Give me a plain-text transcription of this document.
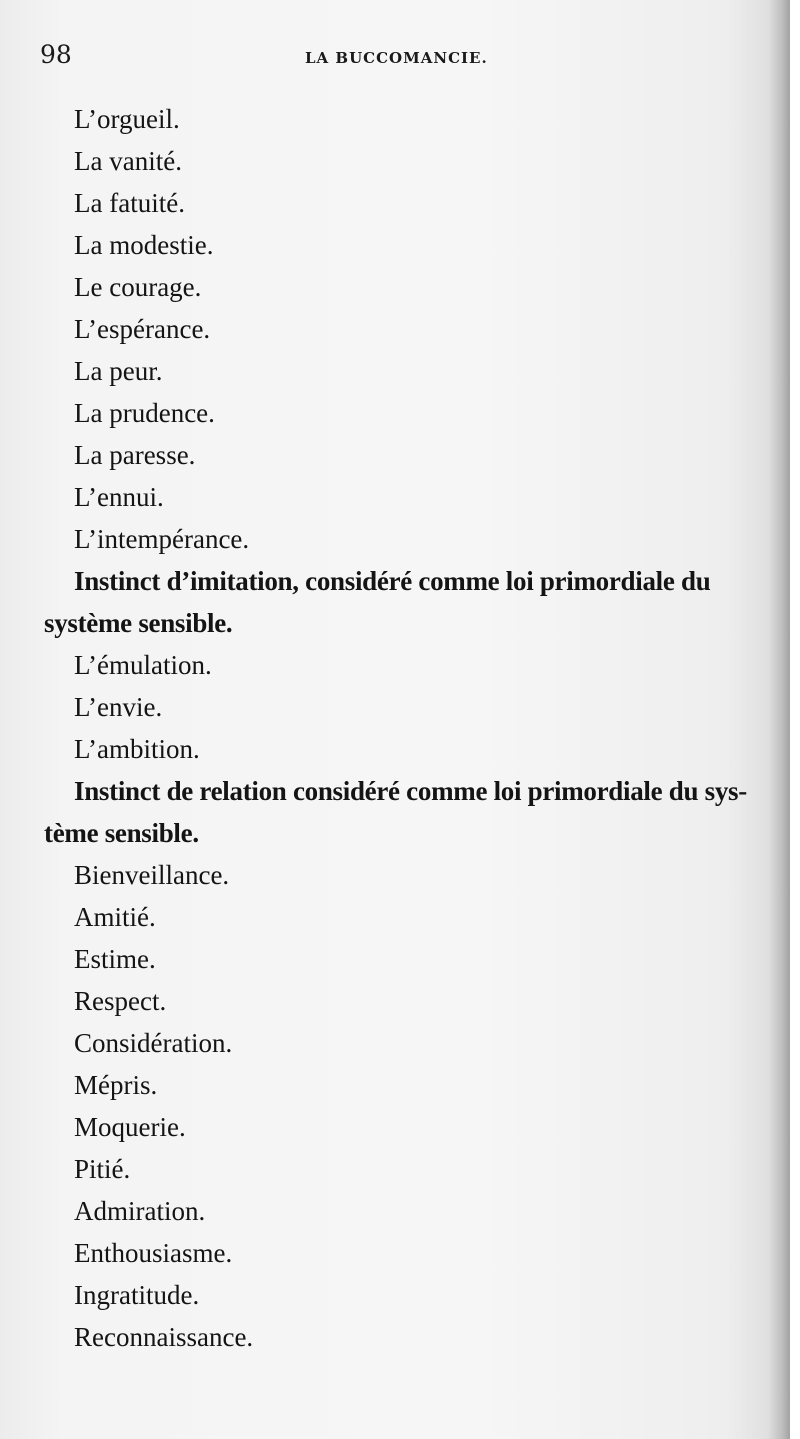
98	LA BUCCOMANCIE.
L’orgueil.
La vanité.
La fatuité.
La modestie.
Le courage.
L’espérance.
La peur.
La prudence.
La paresse.
L’ennui.
L’intempérance.
Instinct d’imitation, considéré comme loi primordiale du
système sensible.
L’émulation.
L’envie.
L’ambition.
Instinct de relation considéré comme loi primordiale du sys-
tème sensible.
Bienveillance.
Amitié.
Estime.
Respect.
Considération.
Mépris.
Moquerie.
Pitié.
Admiration.
Enthousiasme.
Ingratitude.
Reconnaissance.
